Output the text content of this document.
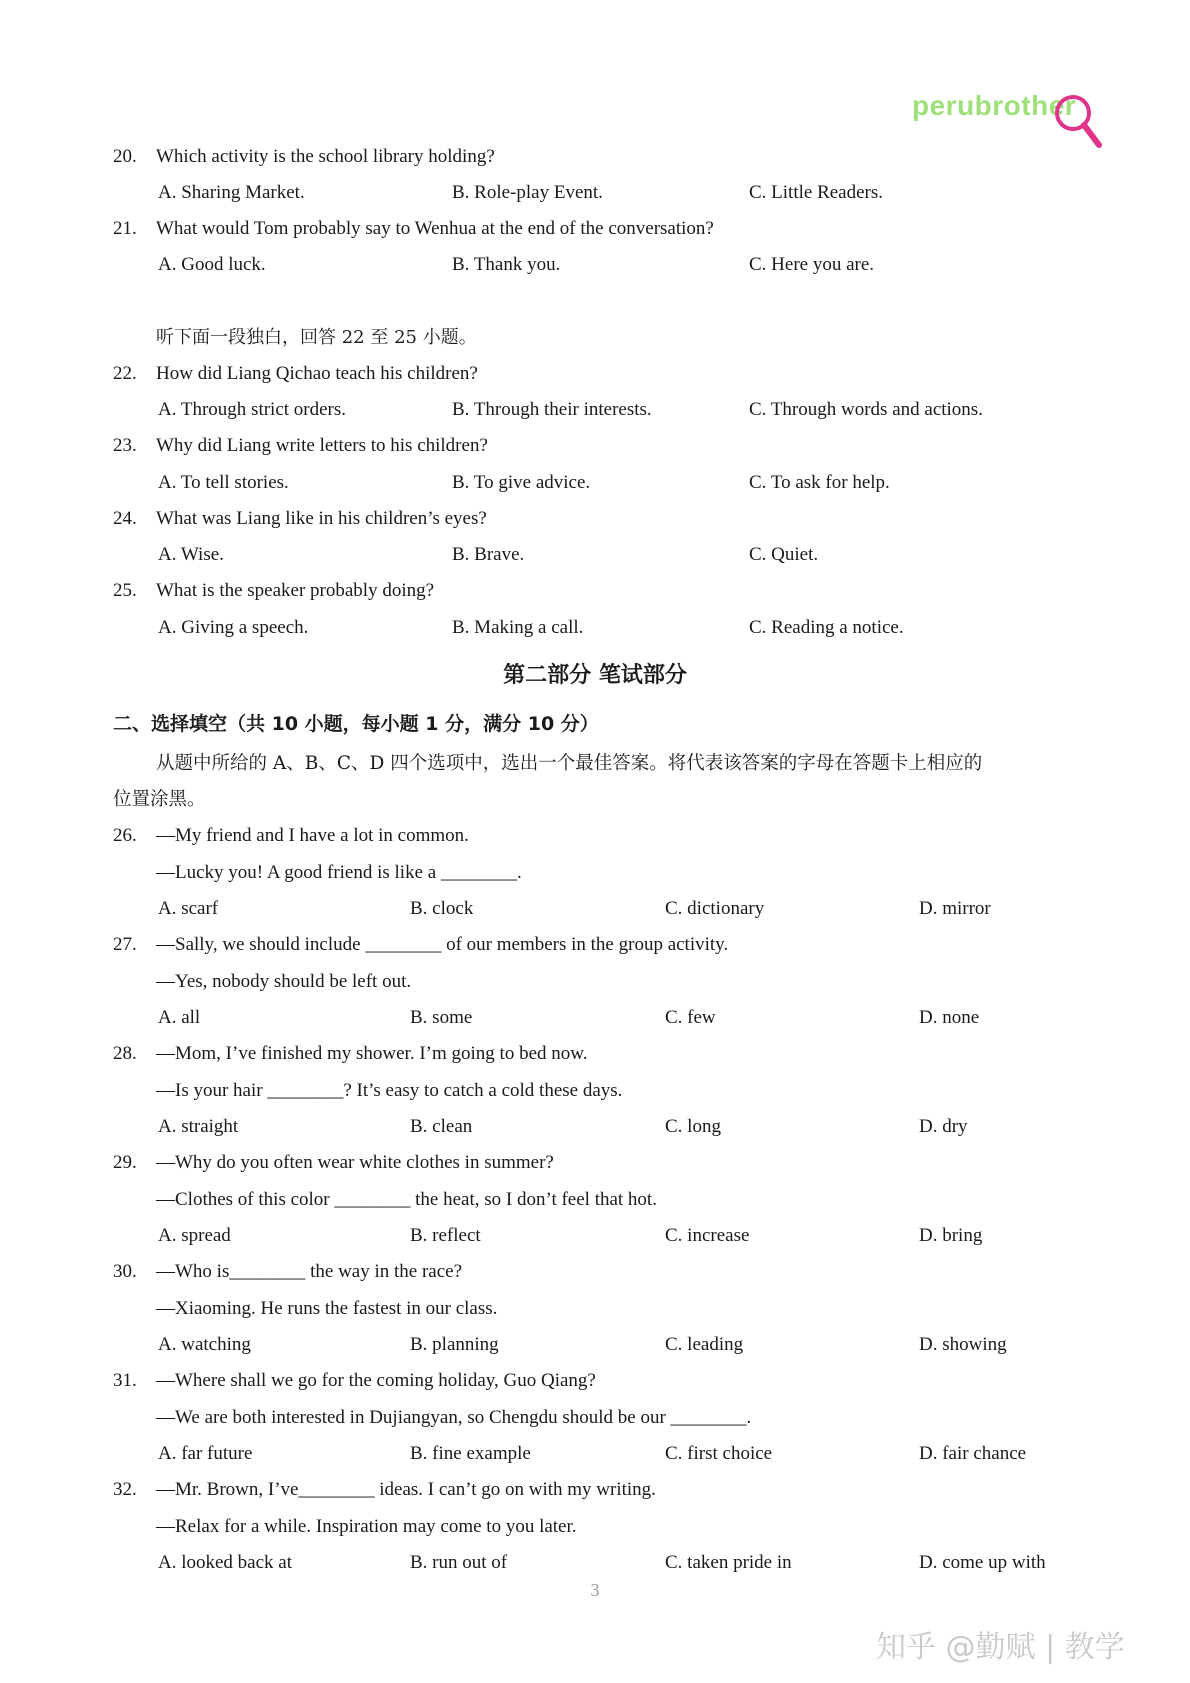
perubrother
20. Which activity is the school library holding?
A. Sharing Market.	B. Role-play Event.	C. Little Readers.
21. What would Tom probably say to Wenhua at the end of the conversation?
A. Good luck.	B. Thank you.	C. Here you are.
听下面一段独白，回答 22 至 25 小题。
22. How did Liang Qichao teach his children?
A. Through strict orders.	B. Through their interests.	C. Through words and actions.
23. Why did Liang write letters to his children?
A. To tell stories.	B. To give advice.	C. To ask for help.
24. What was Liang like in his children’s eyes?
A. Wise.	B. Brave.	C. Quiet.
25. What is the speaker probably doing?
A. Giving a speech.	B. Making a call.	C. Reading a notice.
第二部分 笔试部分
二、选择填空（共 10 小题，每小题 1 分，满分 10 分）
从题中所给的 A、B、C、D 四个选项中，选出一个最佳答案。将代表该答案的字母在答题卡上相应的
位置涂黑。
26. —My friend and I have a lot in common.
—Lucky you! A good friend is like a ________.
A. scarf	B. clock	C. dictionary	D. mirror
27. —Sally, we should include ________ of our members in the group activity.
—Yes, nobody should be left out.
A. all	B. some	C. few	D. none
28. —Mom, I’ve finished my shower. I’m going to bed now.
—Is your hair ________? It’s easy to catch a cold these days.
A. straight	B. clean	C. long	D. dry
29. —Why do you often wear white clothes in summer?
—Clothes of this color ________ the heat, so I don’t feel that hot.
A. spread	B. reflect	C. increase	D. bring
30. —Who is________ the way in the race?
—Xiaoming. He runs the fastest in our class.
A. watching	B. planning	C. leading	D. showing
31. —Where shall we go for the coming holiday, Guo Qiang?
—We are both interested in Dujiangyan, so Chengdu should be our ________.
A. far future	B. fine example	C. first choice	D. fair chance
32. —Mr. Brown, I’ve________ ideas. I can’t go on with my writing.
—Relax for a while. Inspiration may come to you later.
A. looked back at	B. run out of	C. taken pride in	D. come up with
3
知乎 @勤赋 | 教学
